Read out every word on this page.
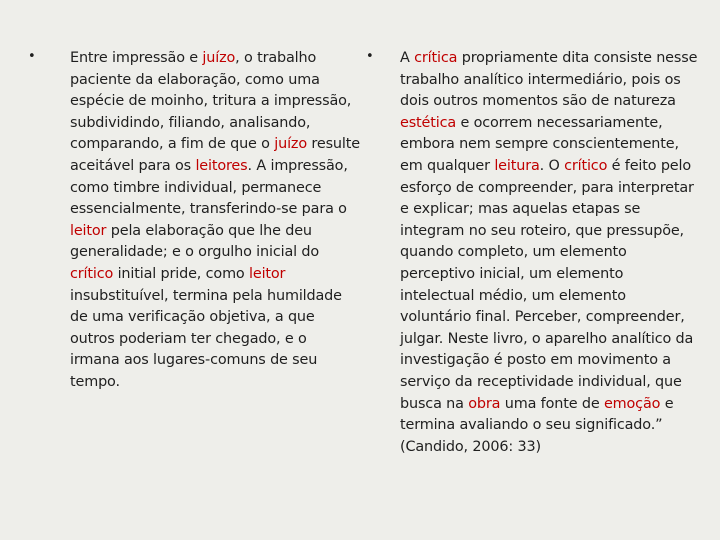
• Entre impressão e juízo, o trabalho paciente da elaboração, como uma espécie de moinho, tritura a impressão, subdividindo, filiando, analisando, comparando, a fim de que o juízo resulte aceitável para os leitores. A impressão, como timbre individual, permanece essencialmente, transferindo-se para o leitor pela elaboração que lhe deu generalidade; e o orgulho inicial do crítico initial pride, como leitor insubstituível, termina pela humildade de uma verificação objetiva, a que outros poderiam ter chegado, e o irmana aos lugares-comuns de seu tempo.

• A crítica propriamente dita consiste nesse trabalho analítico intermediário, pois os dois outros momentos são de natureza estética e ocorrem necessariamente, embora nem sempre conscientemente, em qualquer leitura. O crítico é feito pelo esforço de compreender, para interpretar e explicar; mas aquelas etapas se integram no seu roteiro, que pressupõe, quando completo, um elemento perceptivo inicial, um elemento intelectual médio, um elemento voluntário final. Perceber, compreender, julgar. Neste livro, o aparelho analítico da investigação é posto em movimento a serviço da receptividade individual, que busca na obra uma fonte de emoção e termina avaliando o seu significado.” (Candido, 2006: 33)
